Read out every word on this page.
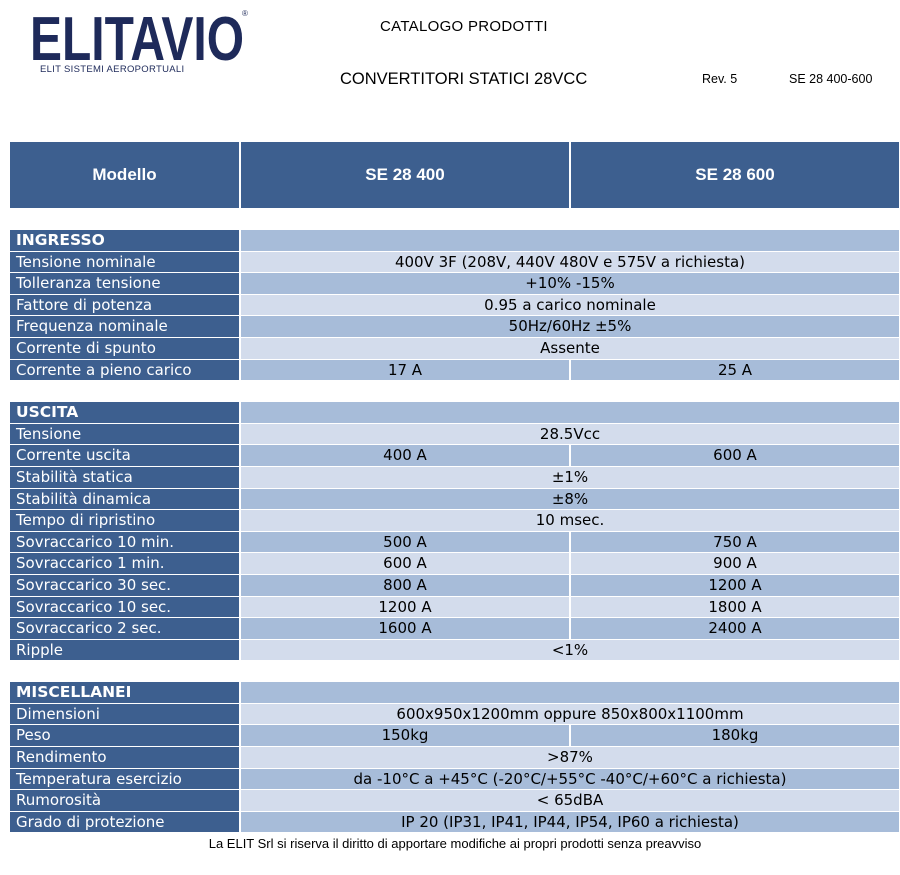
ELITAVIO
®
ELIT SISTEMI AEROPORTUALI
CATALOGO PRODOTTI
CONVERTITORI STATICI 28VCC	Rev. 5	SE 28 400-600
Modello	SE 28 400	SE 28 600
INGRESSO
Tensione nominale	400V 3F (208V, 440V 480V e 575V a richiesta)
Tolleranza tensione	+10% -15%
Fattore di potenza	0.95 a carico nominale
Frequenza nominale	50Hz/60Hz ±5%
Corrente di spunto	Assente
Corrente a pieno carico	17 A	25 A
USCITA
Tensione	28.5Vcc
Corrente uscita	400 A	600 A
Stabilità statica	±1%
Stabilità dinamica	±8%
Tempo di ripristino	10 msec.
Sovraccarico 10 min.	500 A	750 A
Sovraccarico 1 min.	600 A	900 A
Sovraccarico 30 sec.	800 A	1200 A
Sovraccarico 10 sec.	1200 A	1800 A
Sovraccarico 2 sec.	1600 A	2400 A
Ripple	<1%
MISCELLANEI
Dimensioni	600x950x1200mm oppure 850x800x1100mm
Peso	150kg	180kg
Rendimento	>87%
Temperatura esercizio	da -10°C a +45°C (-20°C/+55°C -40°C/+60°C a richiesta)
Rumorosità	< 65dBA
Grado di protezione	IP 20 (IP31, IP41, IP44, IP54, IP60 a richiesta)
La ELIT Srl si riserva il diritto di apportare modifiche ai propri prodotti senza preavviso
